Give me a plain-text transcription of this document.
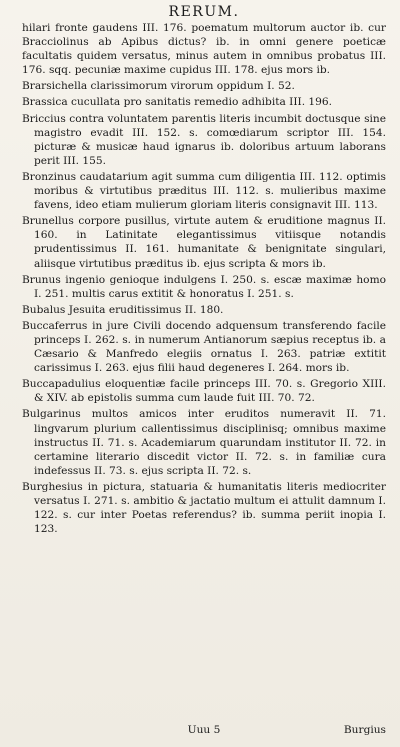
RERUM.

hilari fronte gaudens III. 176. poematum multorum auctor ib. cur Bracciolinus ab Apibus dictus? ib. in omni genere poeticæ facultatis quidem versatus, minus autem in omnibus probatus III. 176. sqq. pecuniæ maxime cupidus III. 178. ejus mors ib.

Brarsichella clarissimorum virorum oppidum I. 52.

Brassica cucullata pro sanitatis remedio adhibita III. 196.

Briccius contra voluntatem parentis literis incumbit doctusque sine magistro evadit III. 152. s. comœdiarum scriptor III. 154. picturæ & musicæ haud ignarus ib. doloribus artuum laborans perit III. 155.

Bronzinus caudatarium agit summa cum diligentia III. 112. optimis moribus & virtutibus præditus III. 112. s. mulieribus maxime favens, ideo etiam mulierum gloriam literis consignavit III. 113.

Brunellus corpore pusillus, virtute autem & eruditione magnus II. 160. in Latinitate elegantissimus vitiisque notandis prudentissimus II. 161. humanitate & benignitate singulari, aliisque virtutibus præditus ib. ejus scripta & mors ib.

Brunus ingenio genioque indulgens I. 250. s. escæ maximæ homo I. 251. multis carus extitit & honoratus I. 251. s.

Bubalus Jesuita eruditissimus II. 180.

Buccaferrus in jure Civili docendo adquensum transferendo facile princeps I. 262. s. in numerum Antianorum sæpius receptus ib. a Cæsario & Manfredo elegiis ornatus I. 263. patriæ extitit carissimus I. 263. ejus filii haud degeneres I. 264. mors ib.

Buccapadulius eloquentiæ facile princeps III. 70. s. Gregorio XIII. & XIV. ab epistolis summa cum laude fuit III. 70. 72.

Bulgarinus multos amicos inter eruditos numeravit II. 71. lingvarum plurium callentissimus disciplinisq; omnibus maxime instructus II. 71. s. Academiarum quarundam institutor II. 72. in certamine literario discedit victor II. 72. s. in familiæ cura indefessus II. 73. s. ejus scripta II. 72. s.

Burghesius in pictura, statuaria & humanitatis literis mediocriter versatus I. 271. s. ambitio & jactatio multum ei attulit damnum I. 122. s. cur inter Poetas referendus? ib. summa periit inopia I. 123.

Uuu 5	Burgius
